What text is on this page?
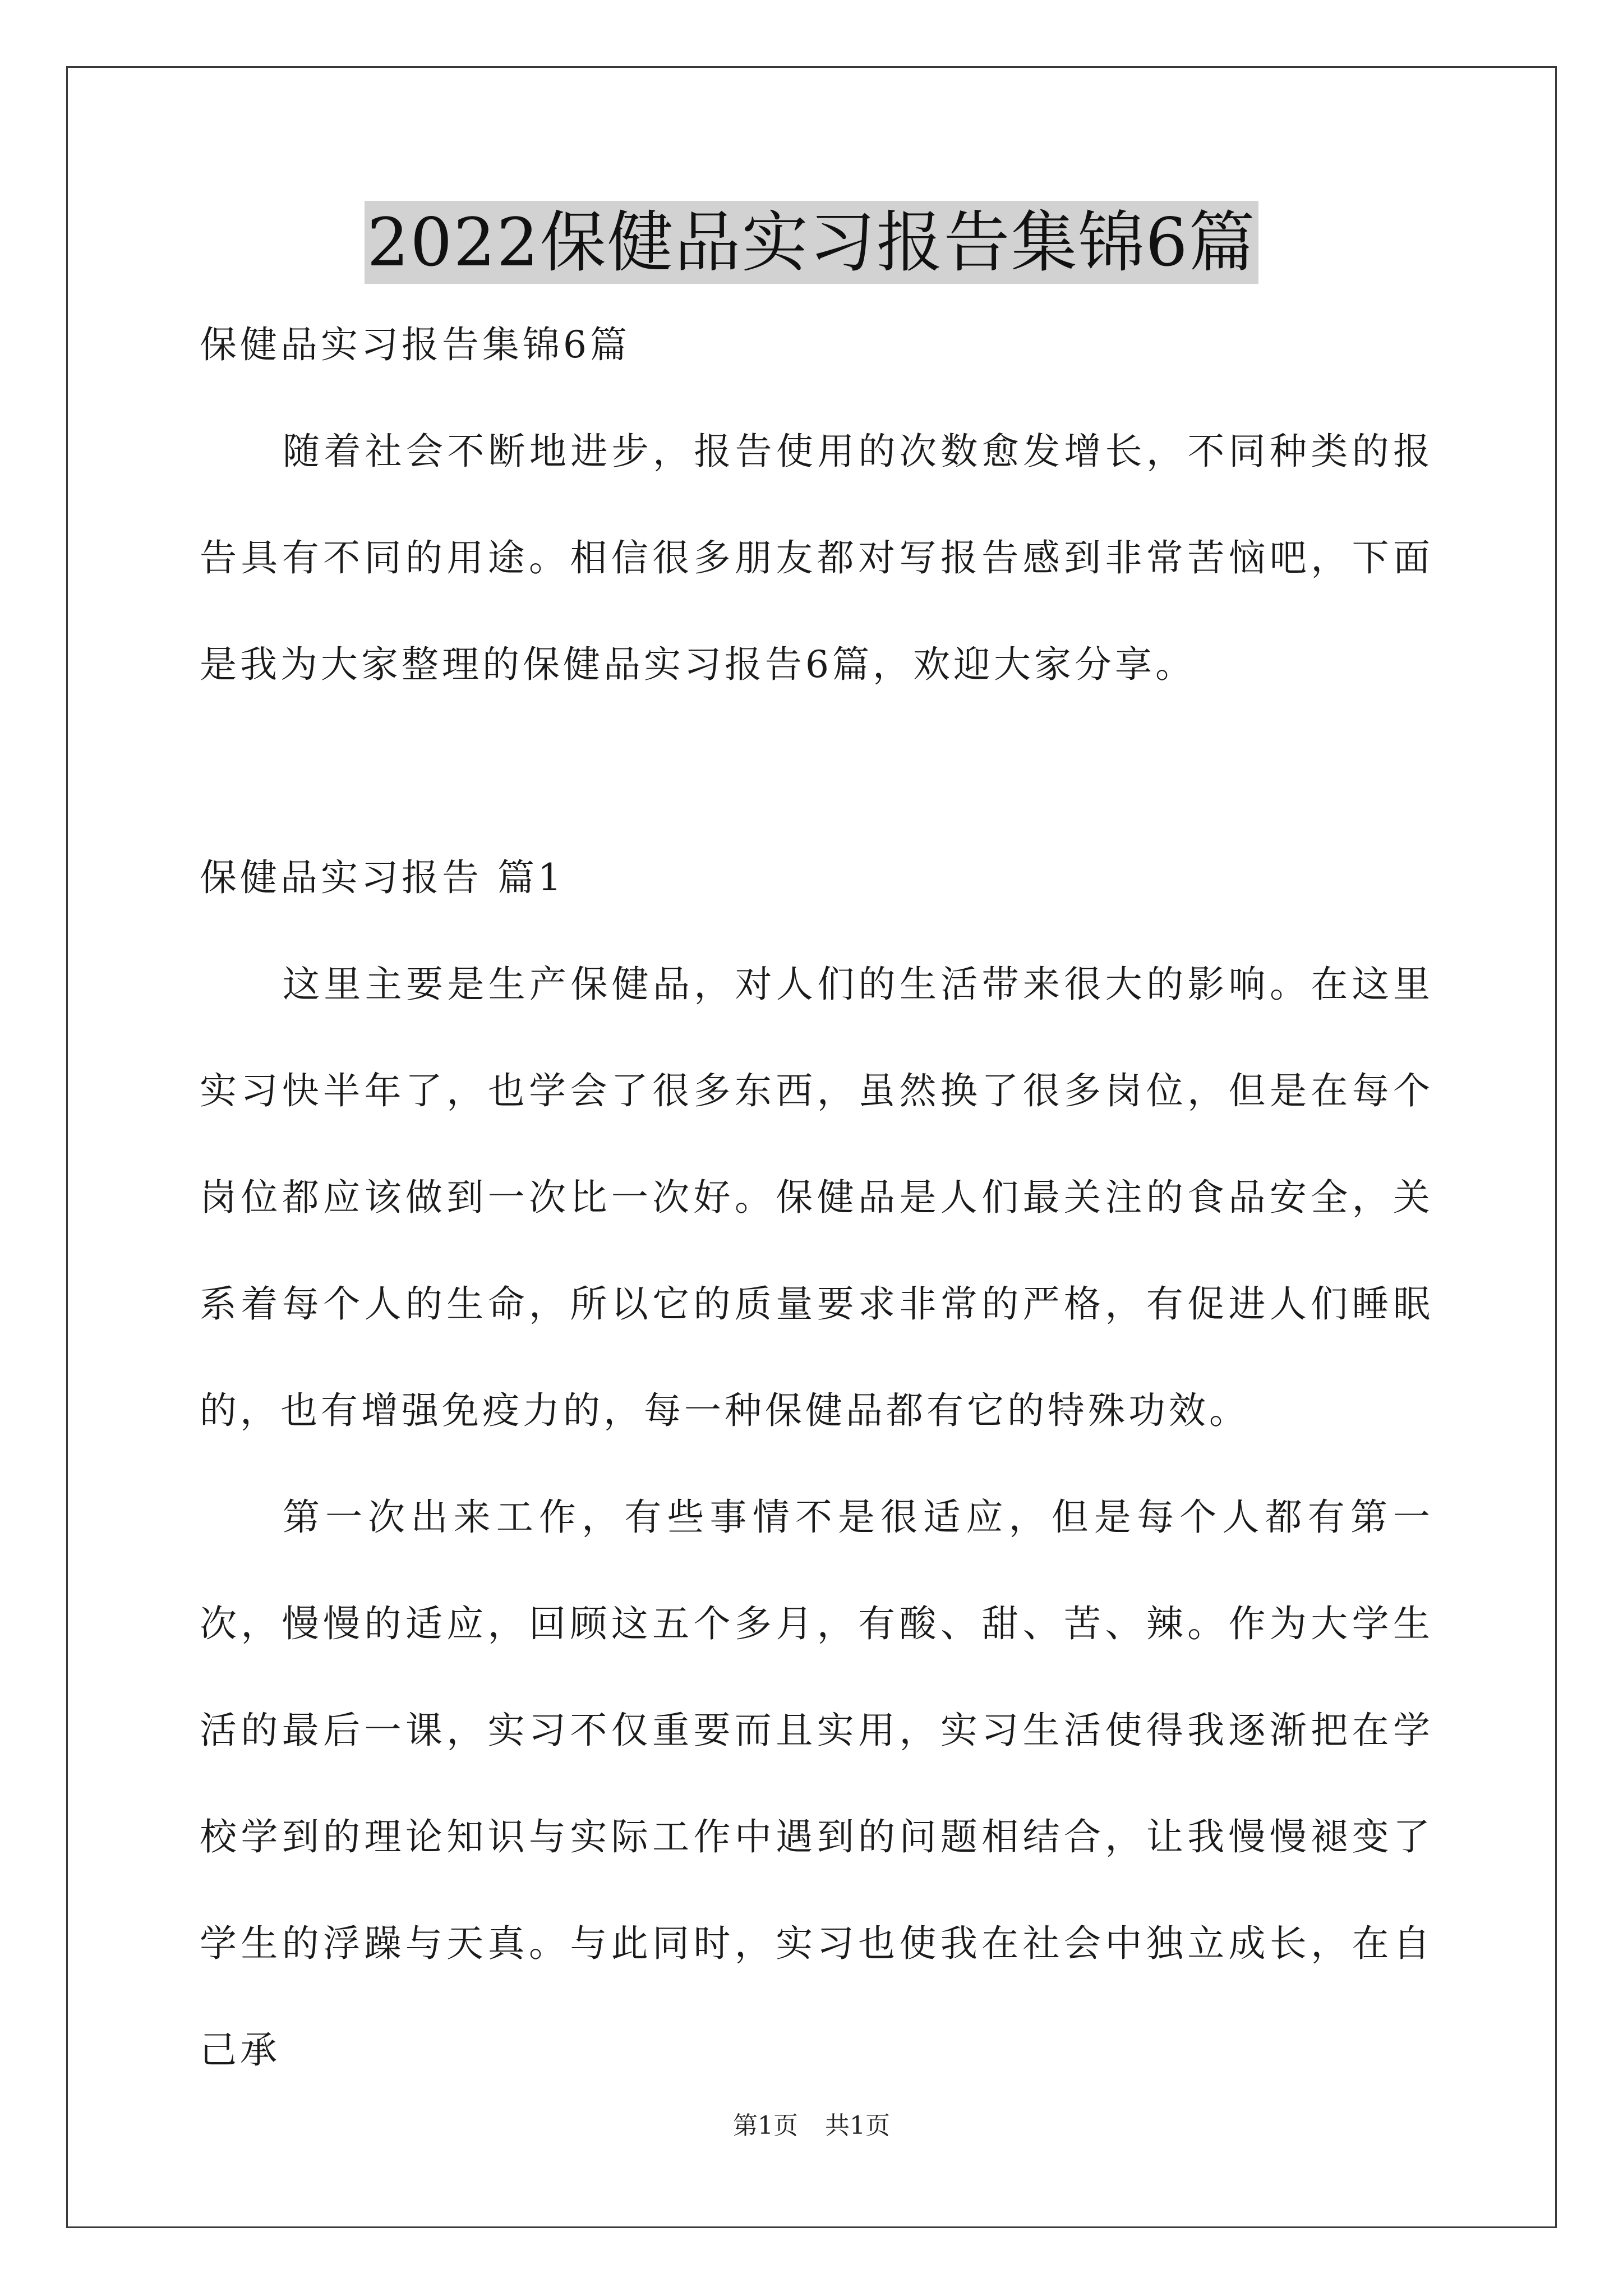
2022保健品实习报告集锦6篇

保健品实习报告集锦6篇

随着社会不断地进步，报告使用的次数愈发增长，不同种类的报告具有不同的用途。相信很多朋友都对写报告感到非常苦恼吧，下面是我为大家整理的保健品实习报告6篇，欢迎大家分享。

保健品实习报告 篇1

这里主要是生产保健品，对人们的生活带来很大的影响。在这里实习快半年了，也学会了很多东西，虽然换了很多岗位，但是在每个岗位都应该做到一次比一次好。保健品是人们最关注的食品安全，关系着每个人的生命，所以它的质量要求非常的严格，有促进人们睡眠的，也有增强免疫力的，每一种保健品都有它的特殊功效。

第一次出来工作，有些事情不是很适应，但是每个人都有第一次，慢慢的适应，回顾这五个多月，有酸、甜、苦、辣。作为大学生活的最后一课，实习不仅重要而且实用，实习生活使得我逐渐把在学校学到的理论知识与实际工作中遇到的问题相结合，让我慢慢褪变了学生的浮躁与天真。与此同时，实习也使我在社会中独立成长，在自己承

第1页 共1页
